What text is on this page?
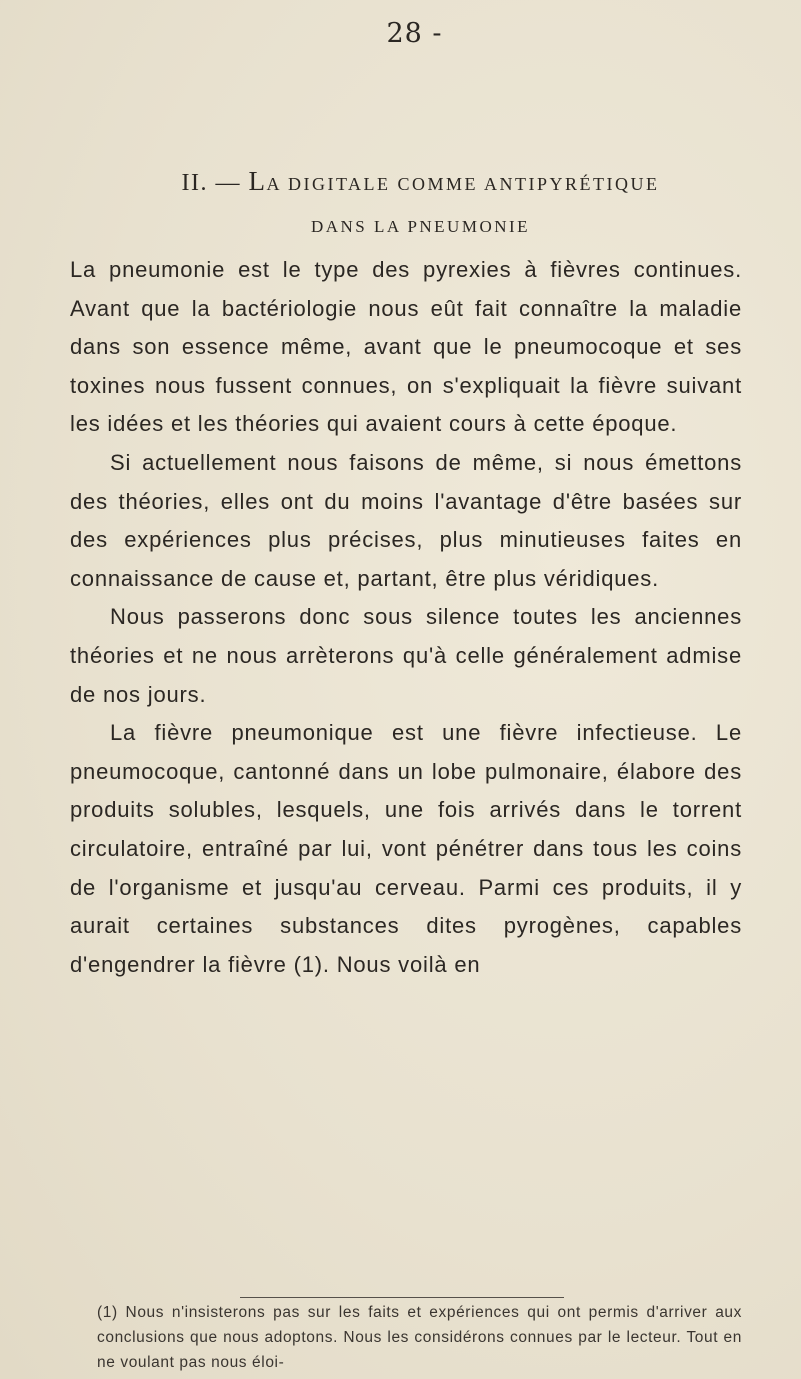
28 -
II. — LA DIGITALE COMME ANTIPYRÉTIQUE
DANS LA PNEUMONIE

La pneumonie est le type des pyrexies à fièvres continues. Avant que la bactériologie nous eût fait connaître la maladie dans son essence même, avant que le pneumocoque et ses toxines nous fussent connues, on s'expliquait la fièvre suivant les idées et les théories qui avaient cours à cette époque.

Si actuellement nous faisons de même, si nous émettons des théories, elles ont du moins l'avantage d'être basées sur des expériences plus précises, plus minutieuses faites en connaissance de cause et, partant, être plus véridiques.

Nous passerons donc sous silence toutes les anciennes théories et ne nous arrèterons qu'à celle généralement admise de nos jours.

La fièvre pneumonique est une fièvre infectieuse. Le pneumocoque, cantonné dans un lobe pulmonaire, élabore des produits solubles, lesquels, une fois arrivés dans le torrent circulatoire, entraîné par lui, vont pénétrer dans tous les coins de l'organisme et jusqu'au cerveau. Parmi ces produits, il y aurait certaines substances dites pyrogènes, capables d'engendrer la fièvre (1). Nous voilà en

(1) Nous n'insisterons pas sur les faits et expériences qui ont permis d'arriver aux conclusions que nous adoptons. Nous les considérons connues par le lecteur. Tout en ne voulant pas nous éloi-
